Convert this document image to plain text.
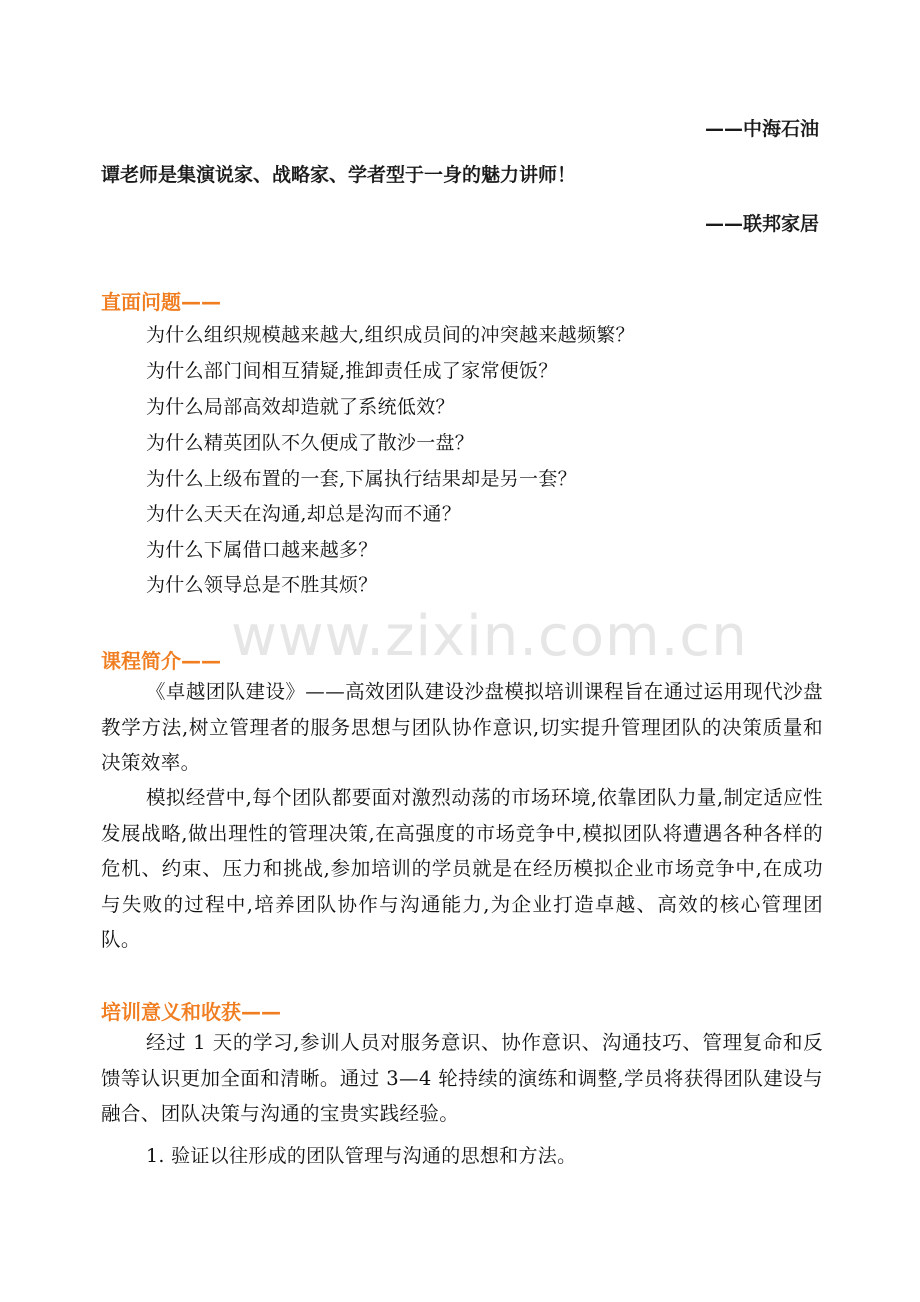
——中海石油
谭老师是集演说家、战略家、学者型于一身的魅力讲师！
——联邦家居
直面问题——
为什么组织规模越来越大,组织成员间的冲突越来越频繁？
为什么部门间相互猜疑,推卸责任成了家常便饭？
为什么局部高效却造就了系统低效？
为什么精英团队不久便成了散沙一盘？
为什么上级布置的一套,下属执行结果却是另一套？
为什么天天在沟通,却总是沟而不通？
为什么下属借口越来越多？
为什么领导总是不胜其烦？
www.zixin.com.cn
课程简介——
《卓越团队建设》——高效团队建设沙盘模拟培训课程旨在通过运用现代沙盘教学方法,树立管理者的服务思想与团队协作意识,切实提升管理团队的决策质量和决策效率。
模拟经营中,每个团队都要面对激烈动荡的市场环境,依靠团队力量,制定适应性发展战略,做出理性的管理决策,在高强度的市场竞争中,模拟团队将遭遇各种各样的危机、约束、压力和挑战,参加培训的学员就是在经历模拟企业市场竞争中,在成功与失败的过程中,培养团队协作与沟通能力,为企业打造卓越、高效的核心管理团队。
培训意义和收获——
经过 1 天的学习,参训人员对服务意识、协作意识、沟通技巧、管理复命和反馈等认识更加全面和清晰。通过 3—4 轮持续的演练和调整,学员将获得团队建设与融合、团队决策与沟通的宝贵实践经验。
1. 验证以往形成的团队管理与沟通的思想和方法。
